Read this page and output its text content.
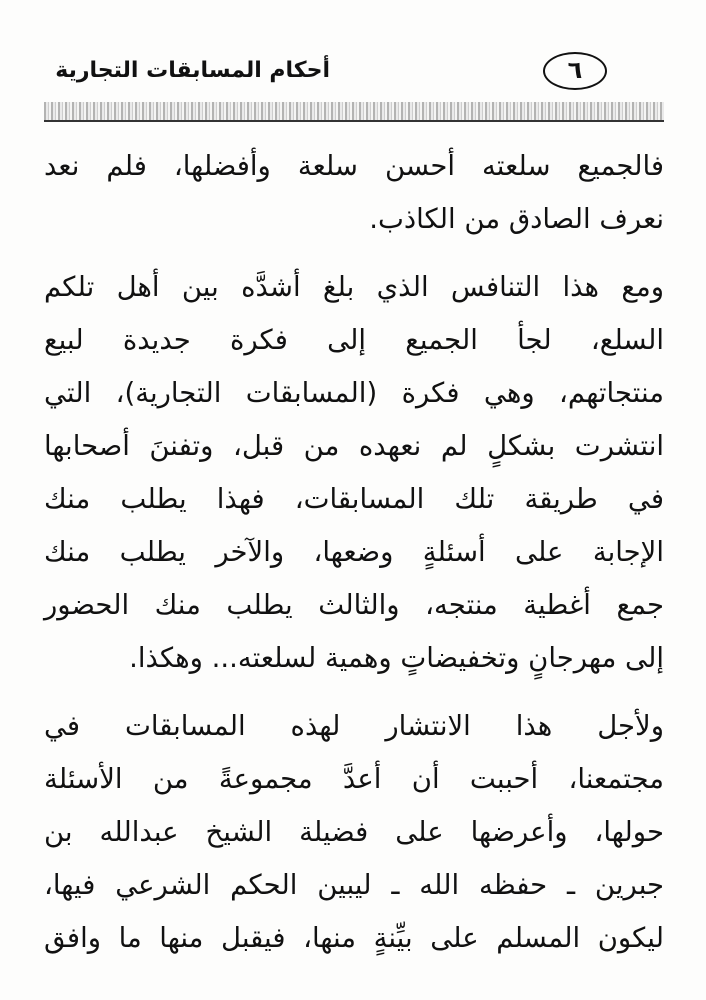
٦
أحكام المسابقات التجارية
فالجميع سلعته أحسن سلعة وأفضلها، فلم نعد
نعرف الصادق من الكاذب.
ومع هذا التنافس الذي بلغ أشدَّه بين أهل تلكم
السلع، لجأ الجميع إلى فكرة جديدة لبيع
منتجاتهم، وهي فكرة (المسابقات التجارية)، التي
انتشرت بشكلٍ لم نعهده من قبل، وتفننَ أصحابها
في طريقة تلك المسابقات، فهذا يطلب منك
الإجابة على أسئلةٍ وضعها، والآخر يطلب منك
جمع أغطية منتجه، والثالث يطلب منك الحضور
إلى مهرجانٍ وتخفيضاتٍ وهمية لسلعته... وهكذا.
ولأجل هذا الانتشار لهذه المسابقات في
مجتمعنا، أحببت أن أعدَّ مجموعةً من الأسئلة
حولها، وأعرضها على فضيلة الشيخ عبدالله بن
جبرين ـ حفظه الله ـ ليبين الحكم الشرعي فيها،
ليكون المسلم على بيِّنةٍ منها، فيقبل منها ما وافق
